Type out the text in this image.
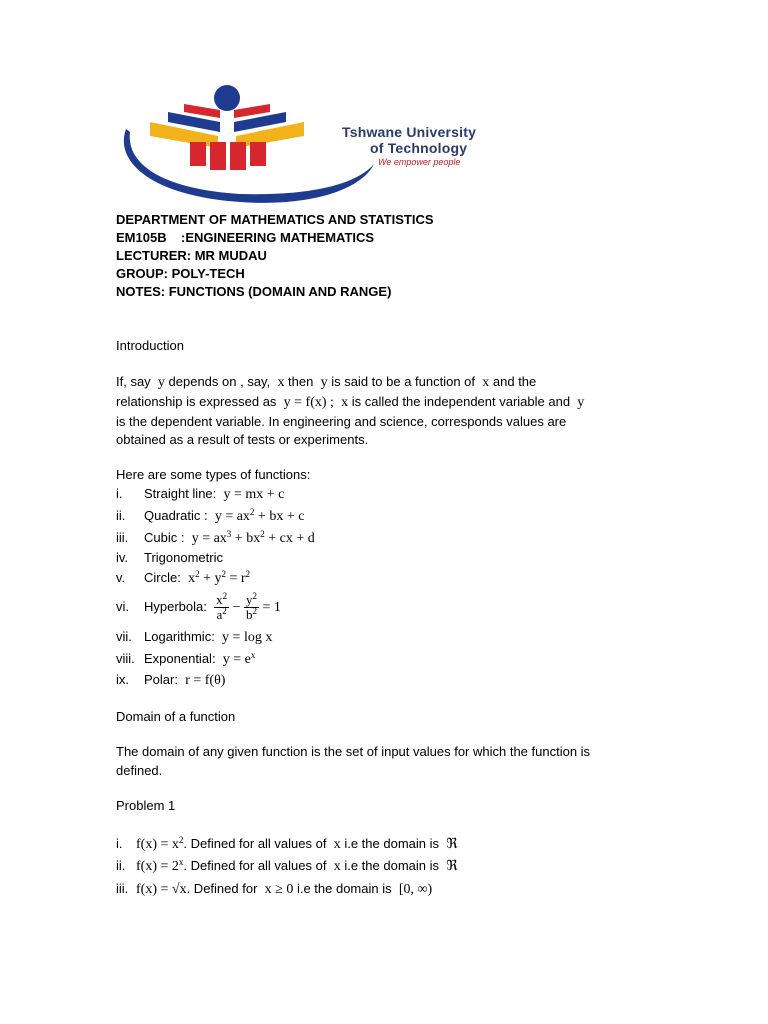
Tshwane University
of Technology
We empower people
DEPARTMENT OF MATHEMATICS AND STATISTICS
EM105B    :ENGINEERING MATHEMATICS
LECTURER: MR MUDAU
GROUP: POLY-TECH
NOTES: FUNCTIONS (DOMAIN AND RANGE)
Introduction
If, say  y depends on , say,  x then  y is said to be a function of  x and the
relationship is expressed as  y = f(x) ; x is called the independent variable and  y
is the dependent variable. In engineering and science, corresponds values are
obtained as a result of tests or experiments.
Here are some types of functions:
i. Straight line:  y = mx + c
ii. Quadratic :  $y = ax^2$ + bx + c
iii. Cubic :  $y = ax^3 + bx^2$ + cx + d
iv. Trigonometric
v. Circle:  $x^2 + y^2 = r^2$
vi. Hyperbola: $\frac{x^2}{a^2} - \frac{y^2}{b^2} = 1$
vii. Logarithmic:  y = log x
viii. Exponential:  $y = e^x$
ix. Polar:  r = f(θ)
Domain of a function
The domain of any given function is the set of input values for which the function is
defined.
Problem 1
i. $f(x) = x^2$. Defined for all values of  x i.e the domain is  ℜ
ii. $f(x) = 2^x$. Defined for all values of  x i.e the domain is  ℜ
iii. f(x) = √x. Defined for  x ≥ 0 i.e the domain is  [0, ∞)
